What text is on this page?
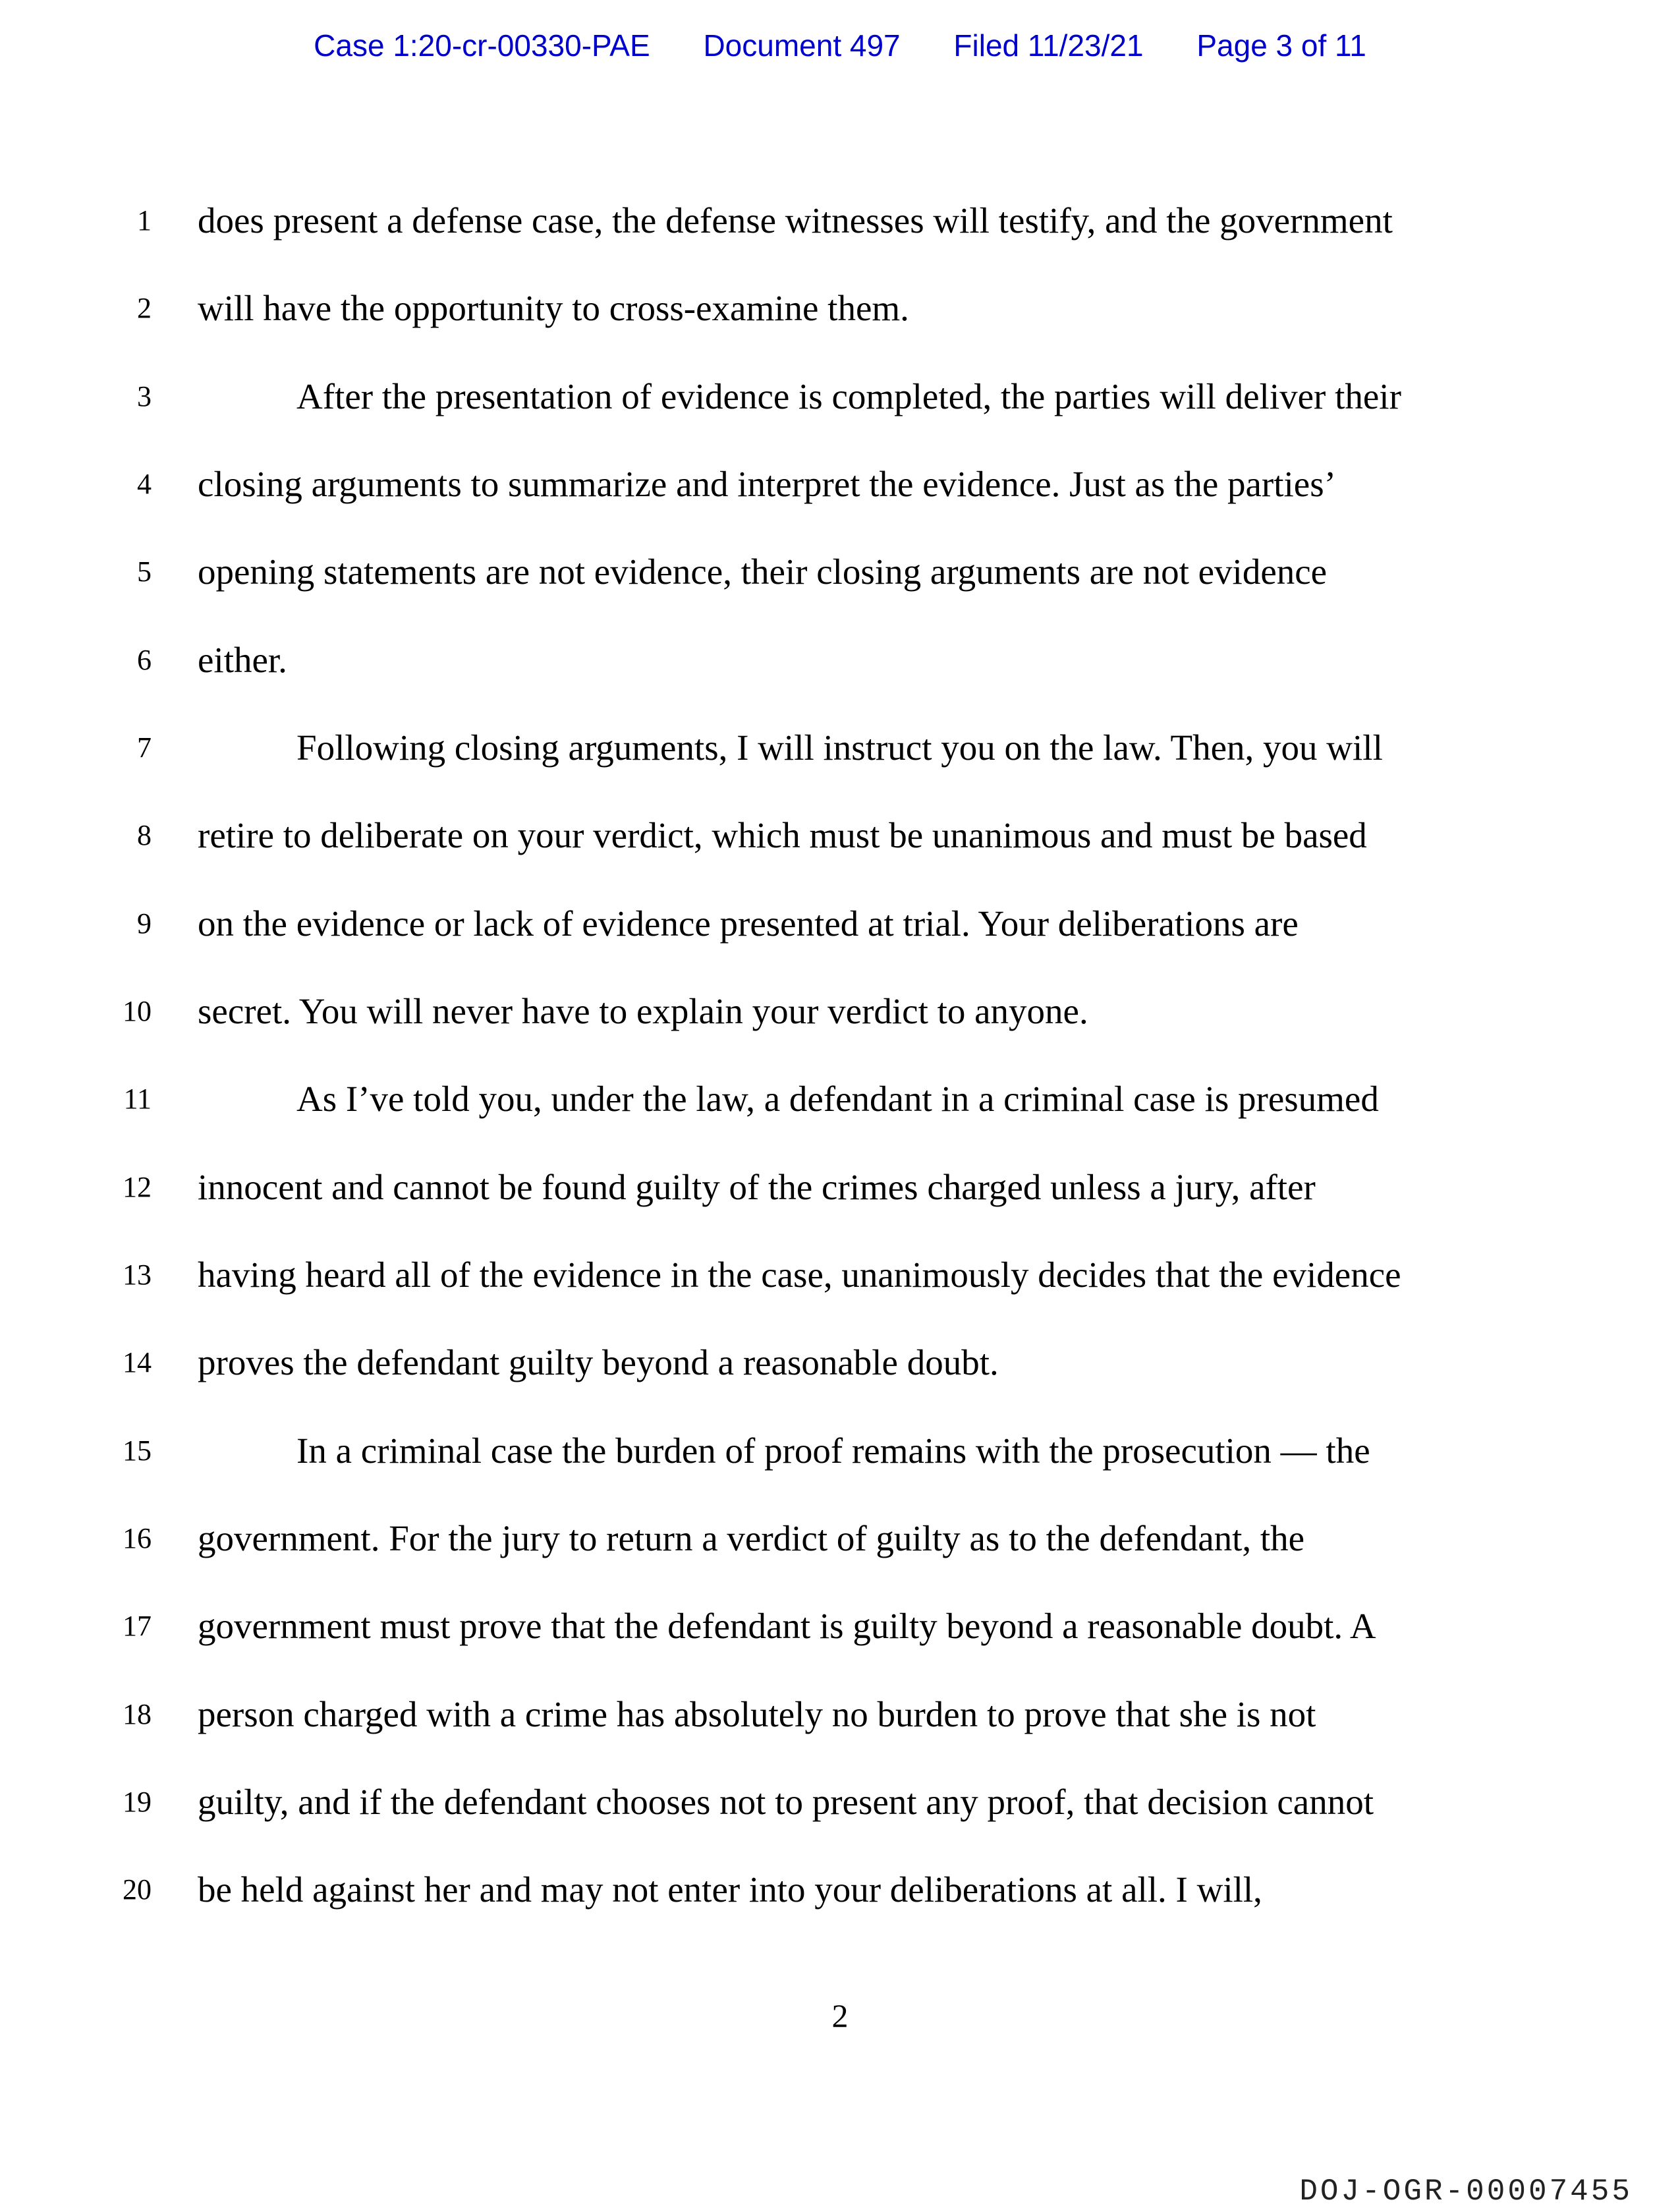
Case 1:20-cr-00330-PAE Document 497 Filed 11/23/21 Page 3 of 11
1 does present a defense case, the defense witnesses will testify, and the government
2 will have the opportunity to cross-examine them.
3	After the presentation of evidence is completed, the parties will deliver their
4 closing arguments to summarize and interpret the evidence. Just as the parties’
5 opening statements are not evidence, their closing arguments are not evidence
6 either.
7	Following closing arguments, I will instruct you on the law. Then, you will
8 retire to deliberate on your verdict, which must be unanimous and must be based
9 on the evidence or lack of evidence presented at trial. Your deliberations are
10 secret. You will never have to explain your verdict to anyone.
11	As I’ve told you, under the law, a defendant in a criminal case is presumed
12 innocent and cannot be found guilty of the crimes charged unless a jury, after
13 having heard all of the evidence in the case, unanimously decides that the evidence
14 proves the defendant guilty beyond a reasonable doubt.
15	In a criminal case the burden of proof remains with the prosecution — the
16 government. For the jury to return a verdict of guilty as to the defendant, the
17 government must prove that the defendant is guilty beyond a reasonable doubt. A
18 person charged with a crime has absolutely no burden to prove that she is not
19 guilty, and if the defendant chooses not to present any proof, that decision cannot
20 be held against her and may not enter into your deliberations at all. I will,
2
DOJ-OGR-00007455
